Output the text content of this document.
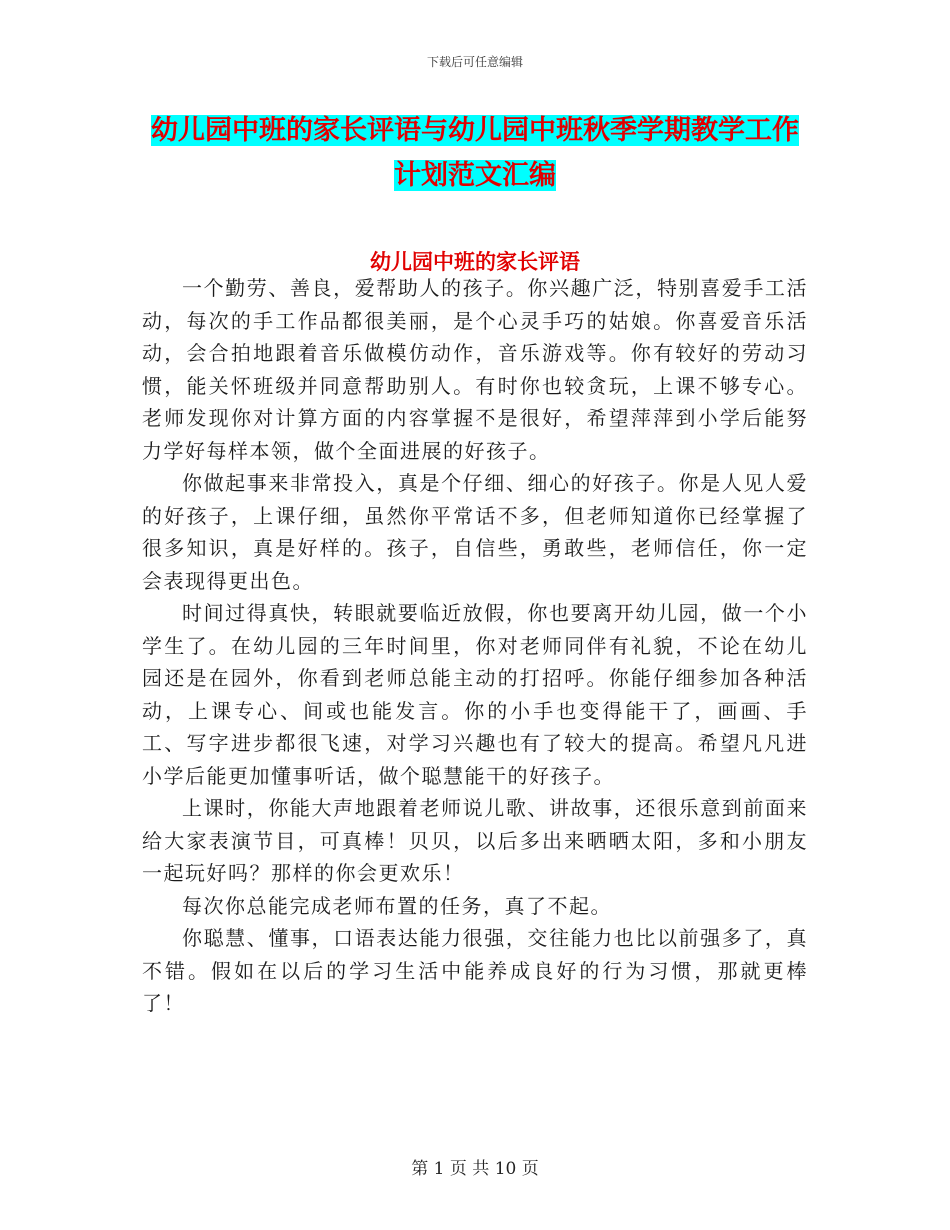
下载后可任意编辑
幼儿园中班的家长评语与幼儿园中班秋季学期教学工作计划范文汇编
幼儿园中班的家长评语

一个勤劳、善良，爱帮助人的孩子。你兴趣广泛，特别喜爱手工活动，每次的手工作品都很美丽，是个心灵手巧的姑娘。你喜爱音乐活动，会合拍地跟着音乐做模仿动作，音乐游戏等。你有较好的劳动习惯，能关怀班级并同意帮助别人。有时你也较贪玩，上课不够专心。老师发现你对计算方面的内容掌握不是很好，希望萍萍到小学后能努力学好每样本领，做个全面进展的好孩子。

你做起事来非常投入，真是个仔细、细心的好孩子。你是人见人爱的好孩子，上课仔细，虽然你平常话不多，但老师知道你已经掌握了很多知识，真是好样的。孩子，自信些，勇敢些，老师信任，你一定会表现得更出色。

时间过得真快，转眼就要临近放假，你也要离开幼儿园，做一个小学生了。在幼儿园的三年时间里，你对老师同伴有礼貌，不论在幼儿园还是在园外，你看到老师总能主动的打招呼。你能仔细参加各种活动，上课专心、间或也能发言。你的小手也变得能干了，画画、手工、写字进步都很飞速，对学习兴趣也有了较大的提高。希望凡凡进小学后能更加懂事听话，做个聪慧能干的好孩子。

上课时，你能大声地跟着老师说儿歌、讲故事，还很乐意到前面来给大家表演节目，可真棒！贝贝，以后多出来晒晒太阳，多和小朋友一起玩好吗？那样的你会更欢乐！

每次你总能完成老师布置的任务，真了不起。

你聪慧、懂事，口语表达能力很强，交往能力也比以前强多了，真不错。假如在以后的学习生活中能养成良好的行为习惯，那就更棒了！

第 1 页 共 10 页
